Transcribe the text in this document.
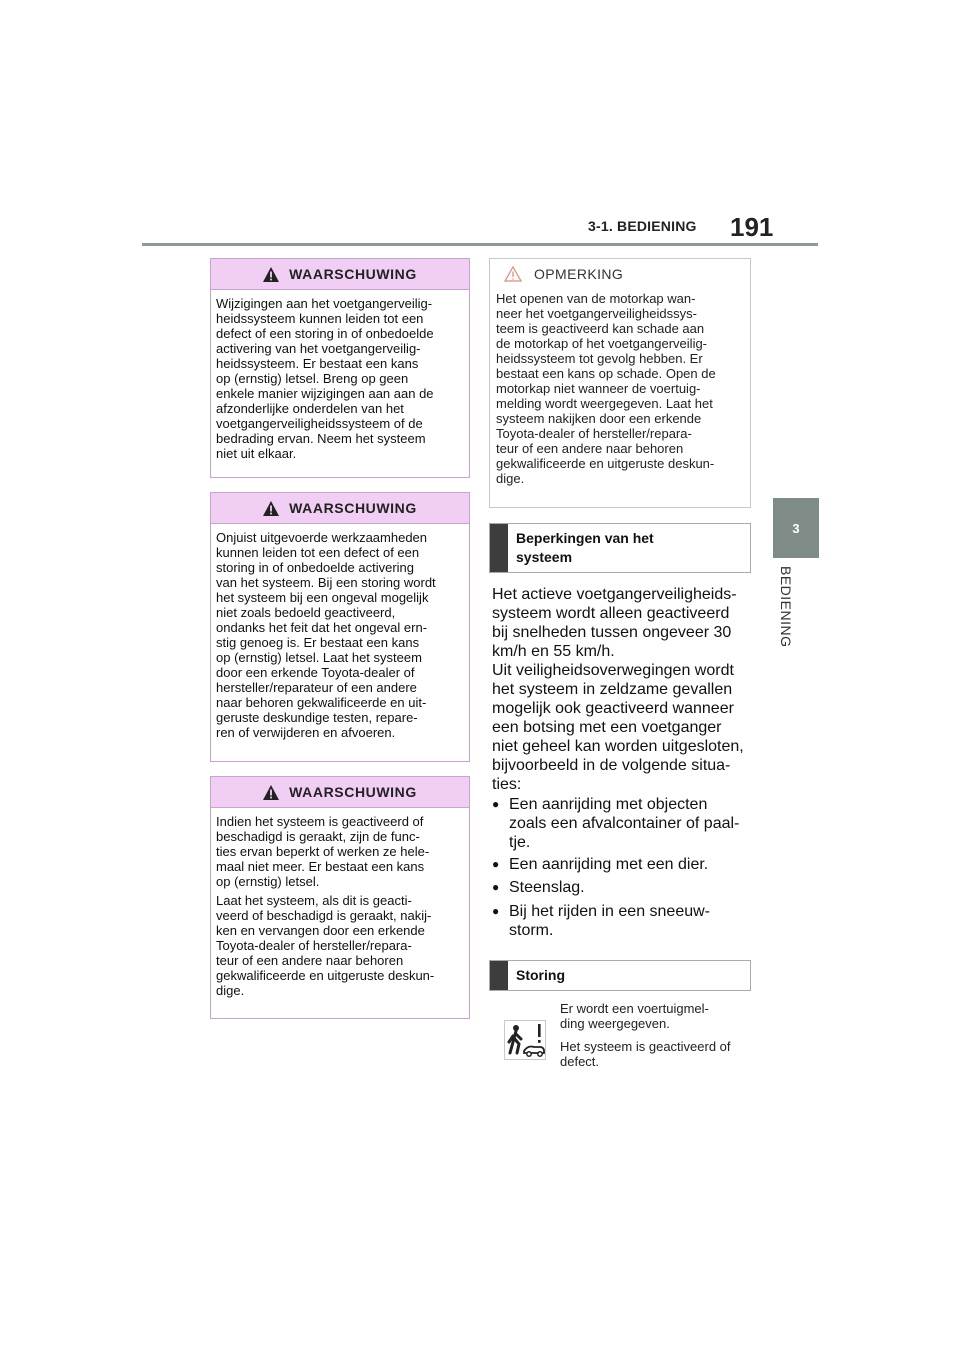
3-1. BEDIENING 191
3
BEDIENING
WAARSCHUWING

Wijzigingen aan het voetgangerveilig-
heidssysteem kunnen leiden tot een
defect of een storing in of onbedoelde
activering van het voetgangerveilig-
heidssysteem. Er bestaat een kans
op (ernstig) letsel. Breng op geen
enkele manier wijzigingen aan aan de
afzonderlijke onderdelen van het
voetgangerveiligheidssysteem of de
bedrading ervan. Neem het systeem
niet uit elkaar.

WAARSCHUWING

Onjuist uitgevoerde werkzaamheden
kunnen leiden tot een defect of een
storing in of onbedoelde activering
van het systeem. Bij een storing wordt
het systeem bij een ongeval mogelijk
niet zoals bedoeld geactiveerd,
ondanks het feit dat het ongeval ern-
stig genoeg is. Er bestaat een kans
op (ernstig) letsel. Laat het systeem
door een erkende Toyota-dealer of
hersteller/reparateur of een andere
naar behoren gekwalificeerde en uit-
geruste deskundige testen, repare-
ren of verwijderen en afvoeren.

WAARSCHUWING

Indien het systeem is geactiveerd of
beschadigd is geraakt, zijn de func-
ties ervan beperkt of werken ze hele-
maal niet meer. Er bestaat een kans
op (ernstig) letsel.

Laat het systeem, als dit is geacti-
veerd of beschadigd is geraakt, nakij-
ken en vervangen door een erkende
Toyota-dealer of hersteller/repara-
teur of een andere naar behoren
gekwalificeerde en uitgeruste deskun-
dige.

OPMERKING
Het openen van de motorkap wan-
neer het voetgangerveiligheidssys-
teem is geactiveerd kan schade aan
de motorkap of het voetgangerveilig-
heidssysteem tot gevolg hebben. Er
bestaat een kans op schade. Open de
motorkap niet wanneer de voertuig-
melding wordt weergegeven. Laat het
systeem nakijken door een erkende
Toyota-dealer of hersteller/repara-
teur of een andere naar behoren
gekwalificeerde en uitgeruste deskun-
dige.
Beperkingen van het
systeem
Het actieve voetgangerveiligheids-
systeem wordt alleen geactiveerd
bij snelheden tussen ongeveer 30
km/h en 55 km/h.
Uit veiligheidsoverwegingen wordt
het systeem in zeldzame gevallen
mogelijk ook geactiveerd wanneer
een botsing met een voetganger
niet geheel kan worden uitgesloten,
bijvoorbeeld in de volgende situa-
ties:
● Een aanrijding met objecten
zoals een afvalcontainer of paal-
tje.
● Een aanrijding met een dier.
● Steenslag.
● Bij het rijden in een sneeuw-
storm.
Storing
Er wordt een voertuigmel-
ding weergegeven.
Het systeem is geactiveerd of
defect.
